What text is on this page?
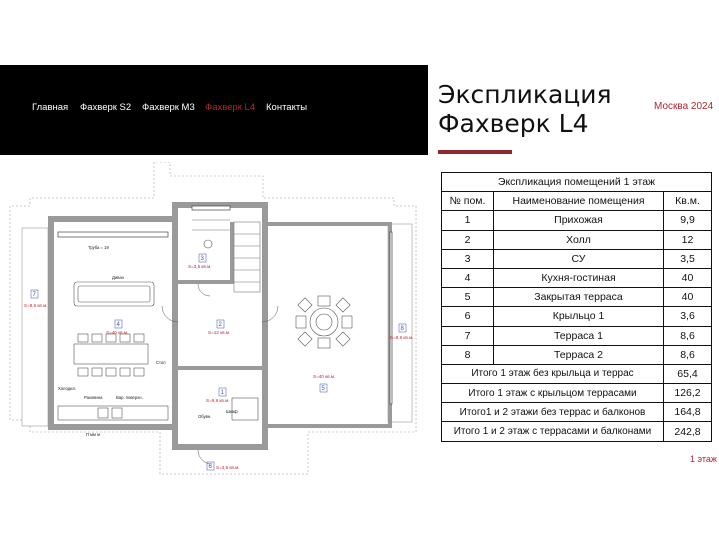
Главная Фахверк S2 Фахверк M3 Фахверк L4 Контакты	Экспликация
Фахверк L4
Москва 2024
Труба = 19
Диван
Стол
Холодил.
Раковина	Вар. поверхн.
Обувн.
Шкаф
П мм м
S=8,6 кв.м.
S=40 кв.м.	S=12 кв.м.
S=3,5 кв.м.
S=9,9 кв.м.
S=40 кв.м.
S=8,6 кв.м.
S=3,6 кв.м.
7
4	2
3
1
5
8
6
Экспликация помещений 1 этаж		
№ пом.	Наименование помещения	Кв.м.
1	Прихожая	9,9
2	Холл	12
3	СУ	3,5
4	Кухня-гостиная	40
5	Закрытая терраса	40
6	Крыльцо 1	3,6
7	Терраса 1	8,6
8	Терраса 2	8,6
Итого 1 этаж без крыльца и террас		65,4
Итого 1 этаж с крыльцом террасами		126,2
Итого1 и 2 этажи без террас и балконов		164,8
Итого 1 и 2 этаж с террасами и балконами		242,8
1 этаж
